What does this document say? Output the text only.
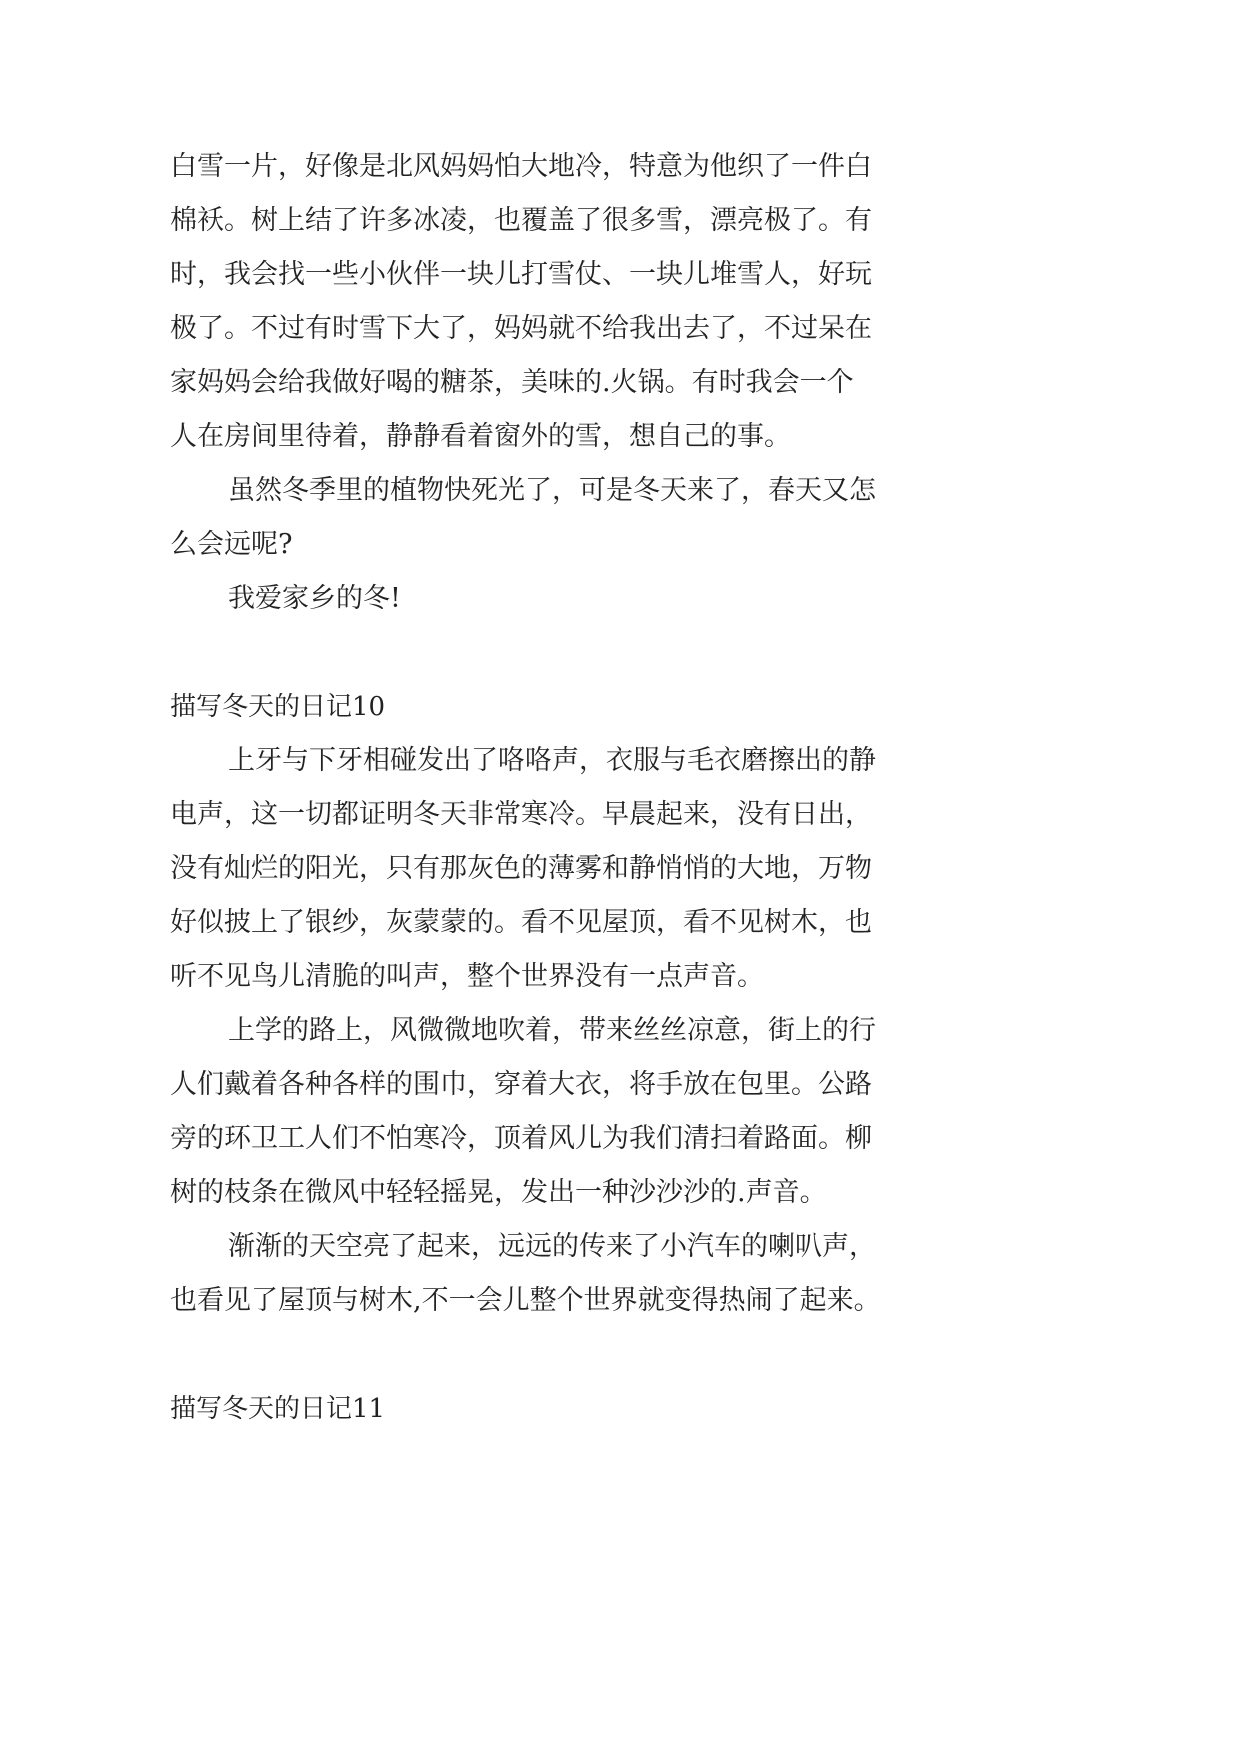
白雪一片，好像是北风妈妈怕大地冷，特意为他织了一件白
棉袄。树上结了许多冰凌，也覆盖了很多雪，漂亮极了。有
时，我会找一些小伙伴一块儿打雪仗、一块儿堆雪人，好玩
极了。不过有时雪下大了，妈妈就不给我出去了，不过呆在
家妈妈会给我做好喝的糖茶，美味的.火锅。有时我会一个
人在房间里待着，静静看着窗外的雪，想自己的事。
虽然冬季里的植物快死光了，可是冬天来了，春天又怎
么会远呢?
我爱家乡的冬!
描写冬天的日记10
上牙与下牙相碰发出了咯咯声，衣服与毛衣磨擦出的静
电声，这一切都证明冬天非常寒冷。早晨起来，没有日出，
没有灿烂的阳光，只有那灰色的薄雾和静悄悄的大地，万物
好似披上了银纱，灰蒙蒙的。看不见屋顶，看不见树木，也
听不见鸟儿清脆的叫声，整个世界没有一点声音。
上学的路上，风微微地吹着，带来丝丝凉意，街上的行
人们戴着各种各样的围巾，穿着大衣，将手放在包里。公路
旁的环卫工人们不怕寒冷，顶着风儿为我们清扫着路面。柳
树的枝条在微风中轻轻摇晃，发出一种沙沙沙的.声音。
渐渐的天空亮了起来，远远的传来了小汽车的喇叭声，
也看见了屋顶与树木,不一会儿整个世界就变得热闹了起来。
描写冬天的日记11
